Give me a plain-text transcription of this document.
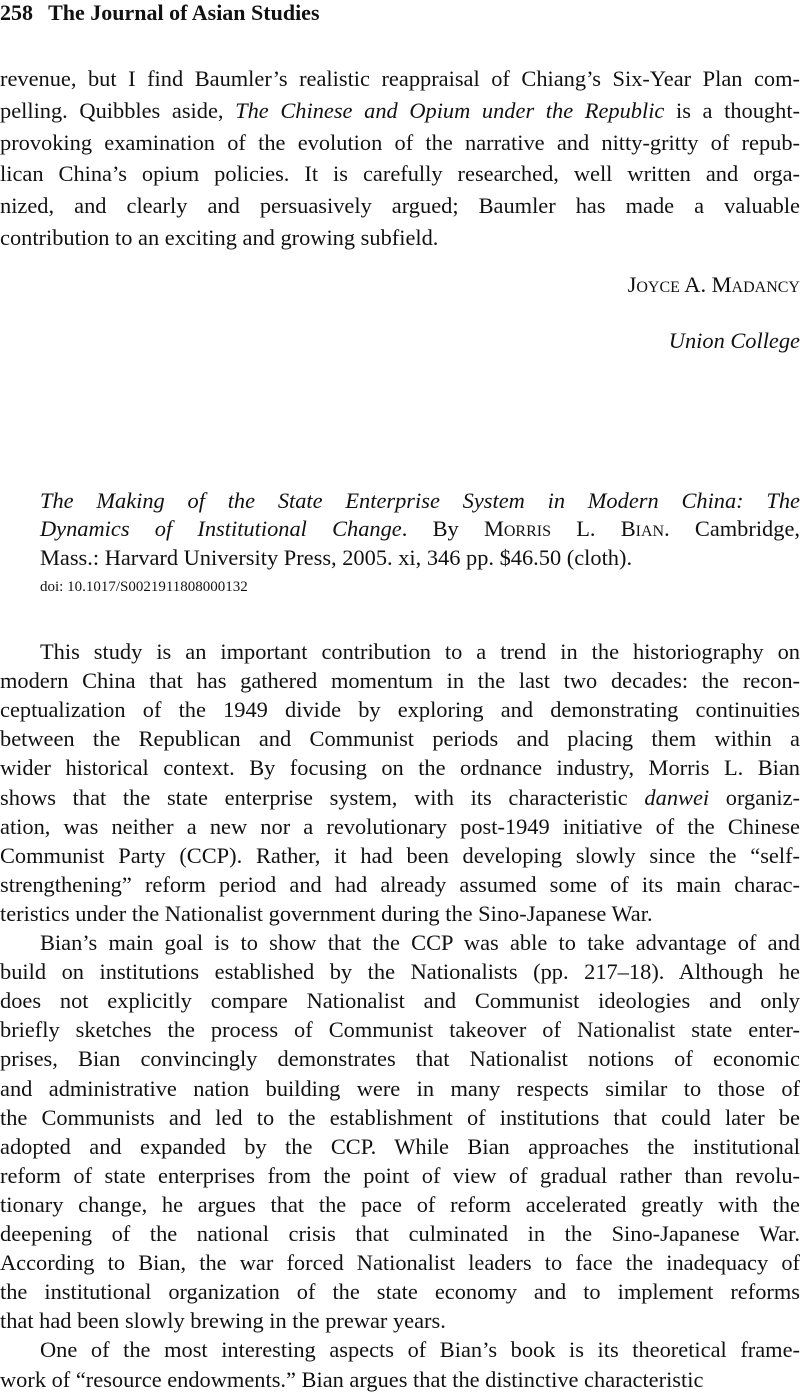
258 The Journal of Asian Studies
revenue, but I find Baumler’s realistic reappraisal of Chiang’s Six-Year Plan com-
pelling. Quibbles aside, The Chinese and Opium under the Republic is a thought-
provoking examination of the evolution of the narrative and nitty-gritty of repub-
lican China’s opium policies. It is carefully researched, well written and orga-
nized, and clearly and persuasively argued; Baumler has made a valuable
contribution to an exciting and growing subfield.
Joyce A. Madancy
Union College
The Making of the State Enterprise System in Modern China: The
Dynamics of Institutional Change. By Morris L. Bian. Cambridge,
Mass.: Harvard University Press, 2005. xi, 346 pp. $46.50 (cloth).
doi: 10.1017/S0021911808000132
This study is an important contribution to a trend in the historiography on
modern China that has gathered momentum in the last two decades: the recon-
ceptualization of the 1949 divide by exploring and demonstrating continuities
between the Republican and Communist periods and placing them within a
wider historical context. By focusing on the ordnance industry, Morris L. Bian
shows that the state enterprise system, with its characteristic danwei organiz-
ation, was neither a new nor a revolutionary post-1949 initiative of the Chinese
Communist Party (CCP). Rather, it had been developing slowly since the “self-
strengthening” reform period and had already assumed some of its main charac-
teristics under the Nationalist government during the Sino-Japanese War.
Bian’s main goal is to show that the CCP was able to take advantage of and
build on institutions established by the Nationalists (pp. 217–18). Although he
does not explicitly compare Nationalist and Communist ideologies and only
briefly sketches the process of Communist takeover of Nationalist state enter-
prises, Bian convincingly demonstrates that Nationalist notions of economic
and administrative nation building were in many respects similar to those of
the Communists and led to the establishment of institutions that could later be
adopted and expanded by the CCP. While Bian approaches the institutional
reform of state enterprises from the point of view of gradual rather than revolu-
tionary change, he argues that the pace of reform accelerated greatly with the
deepening of the national crisis that culminated in the Sino-Japanese War.
According to Bian, the war forced Nationalist leaders to face the inadequacy of
the institutional organization of the state economy and to implement reforms
that had been slowly brewing in the prewar years.
One of the most interesting aspects of Bian’s book is its theoretical frame-
work of “resource endowments.” Bian argues that the distinctive characteristic
